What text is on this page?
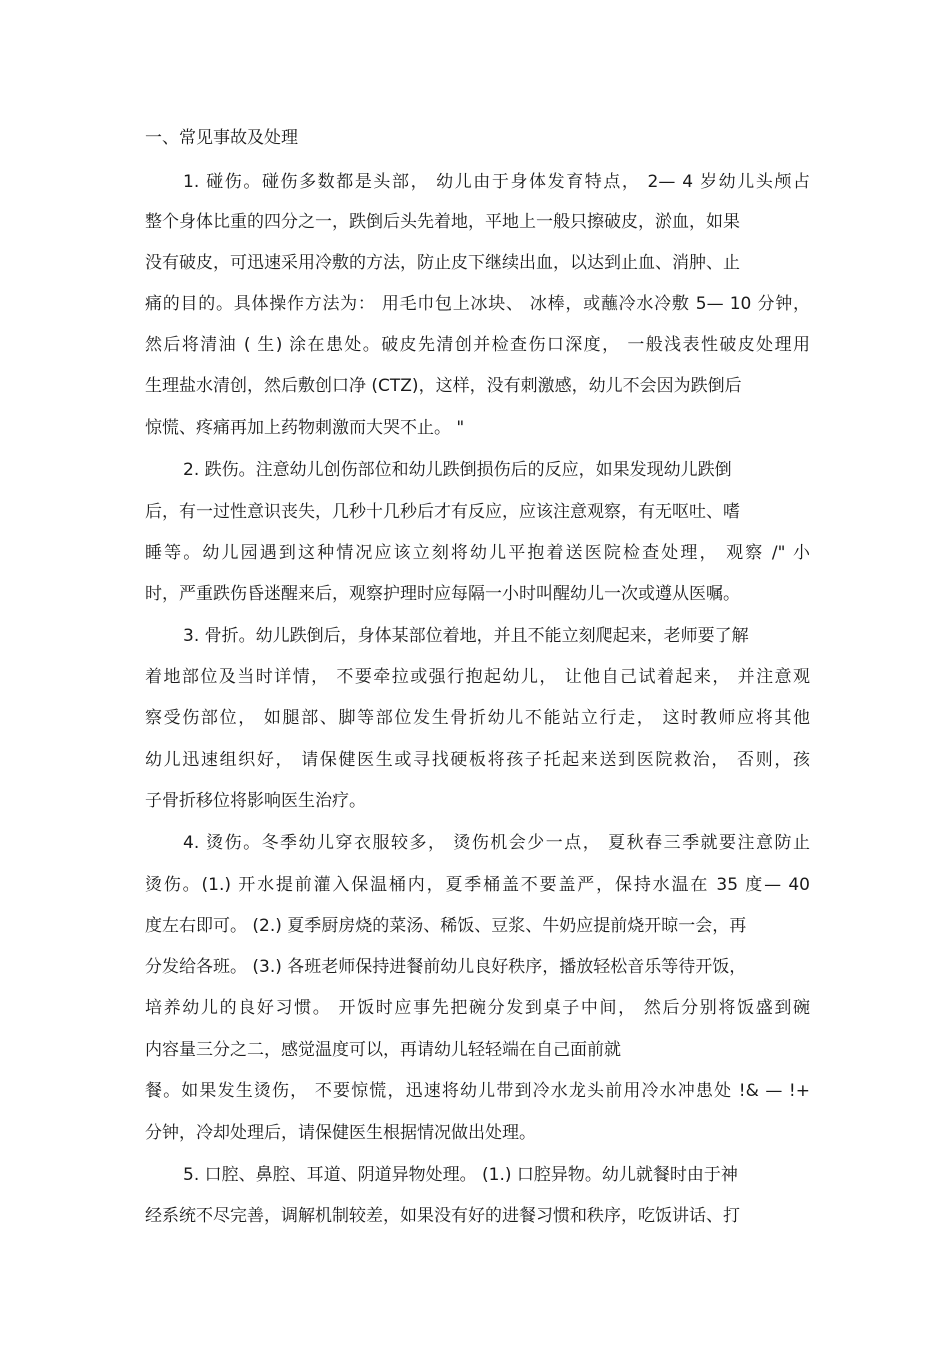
一、常见事故及处理
1. 碰伤。碰伤多数都是头部， 幼儿由于身体发育特点， 2— 4 岁幼儿头颅占
整个身体比重的四分之一，跌倒后头先着地，平地上一般只擦破皮，淤血，如果
没有破皮，可迅速采用冷敷的方法，防止皮下继续出血，以达到止血、消肿、止
痛的目的。具体操作方法为： 用毛巾包上冰块、 冰棒，或蘸冷水冷敷 5— 10 分钟，
然后将清油 ( 生) 涂在患处。破皮先清创并检查伤口深度， 一般浅表性破皮处理用
生理盐水清创，然后敷创口净 (CTZ)，这样，没有刺激感，幼儿不会因为跌倒后
惊慌、疼痛再加上药物刺激而大哭不止。 "
2. 跌伤。注意幼儿创伤部位和幼儿跌倒损伤后的反应，如果发现幼儿跌倒
后，有一过性意识丧失，几秒十几秒后才有反应，应该注意观察，有无呕吐、嗜
睡等。幼儿园遇到这种情况应该立刻将幼儿平抱着送医院检查处理， 观察 /" 小
时，严重跌伤昏迷醒来后，观察护理时应每隔一小时叫醒幼儿一次或遵从医嘱。
3. 骨折。幼儿跌倒后，身体某部位着地，并且不能立刻爬起来，老师要了解
着地部位及当时详情， 不要牵拉或强行抱起幼儿， 让他自己试着起来， 并注意观
察受伤部位， 如腿部、脚等部位发生骨折幼儿不能站立行走， 这时教师应将其他
幼儿迅速组织好， 请保健医生或寻找硬板将孩子托起来送到医院救治， 否则，孩
子骨折移位将影响医生治疗。
4. 烫伤。冬季幼儿穿衣服较多， 烫伤机会少一点， 夏秋春三季就要注意防止
烫伤。(1.) 开水提前灌入保温桶内，夏季桶盖不要盖严，保持水温在 35 度— 40
度左右即可。 (2.) 夏季厨房烧的菜汤、稀饭、豆浆、牛奶应提前烧开晾一会，再
分发给各班。 (3.) 各班老师保持进餐前幼儿良好秩序，播放轻松音乐等待开饭，
培养幼儿的良好习惯。 开饭时应事先把碗分发到桌子中间， 然后分别将饭盛到碗
内容量三分之二，感觉温度可以，再请幼儿轻轻端在自己面前就
餐。如果发生烫伤， 不要惊慌，迅速将幼儿带到冷水龙头前用冷水冲患处 !& — !+
分钟，冷却处理后，请保健医生根据情况做出处理。
5. 口腔、鼻腔、耳道、阴道异物处理。 (1.) 口腔异物。幼儿就餐时由于神
经系统不尽完善，调解机制较差，如果没有好的进餐习惯和秩序，吃饭讲话、打
